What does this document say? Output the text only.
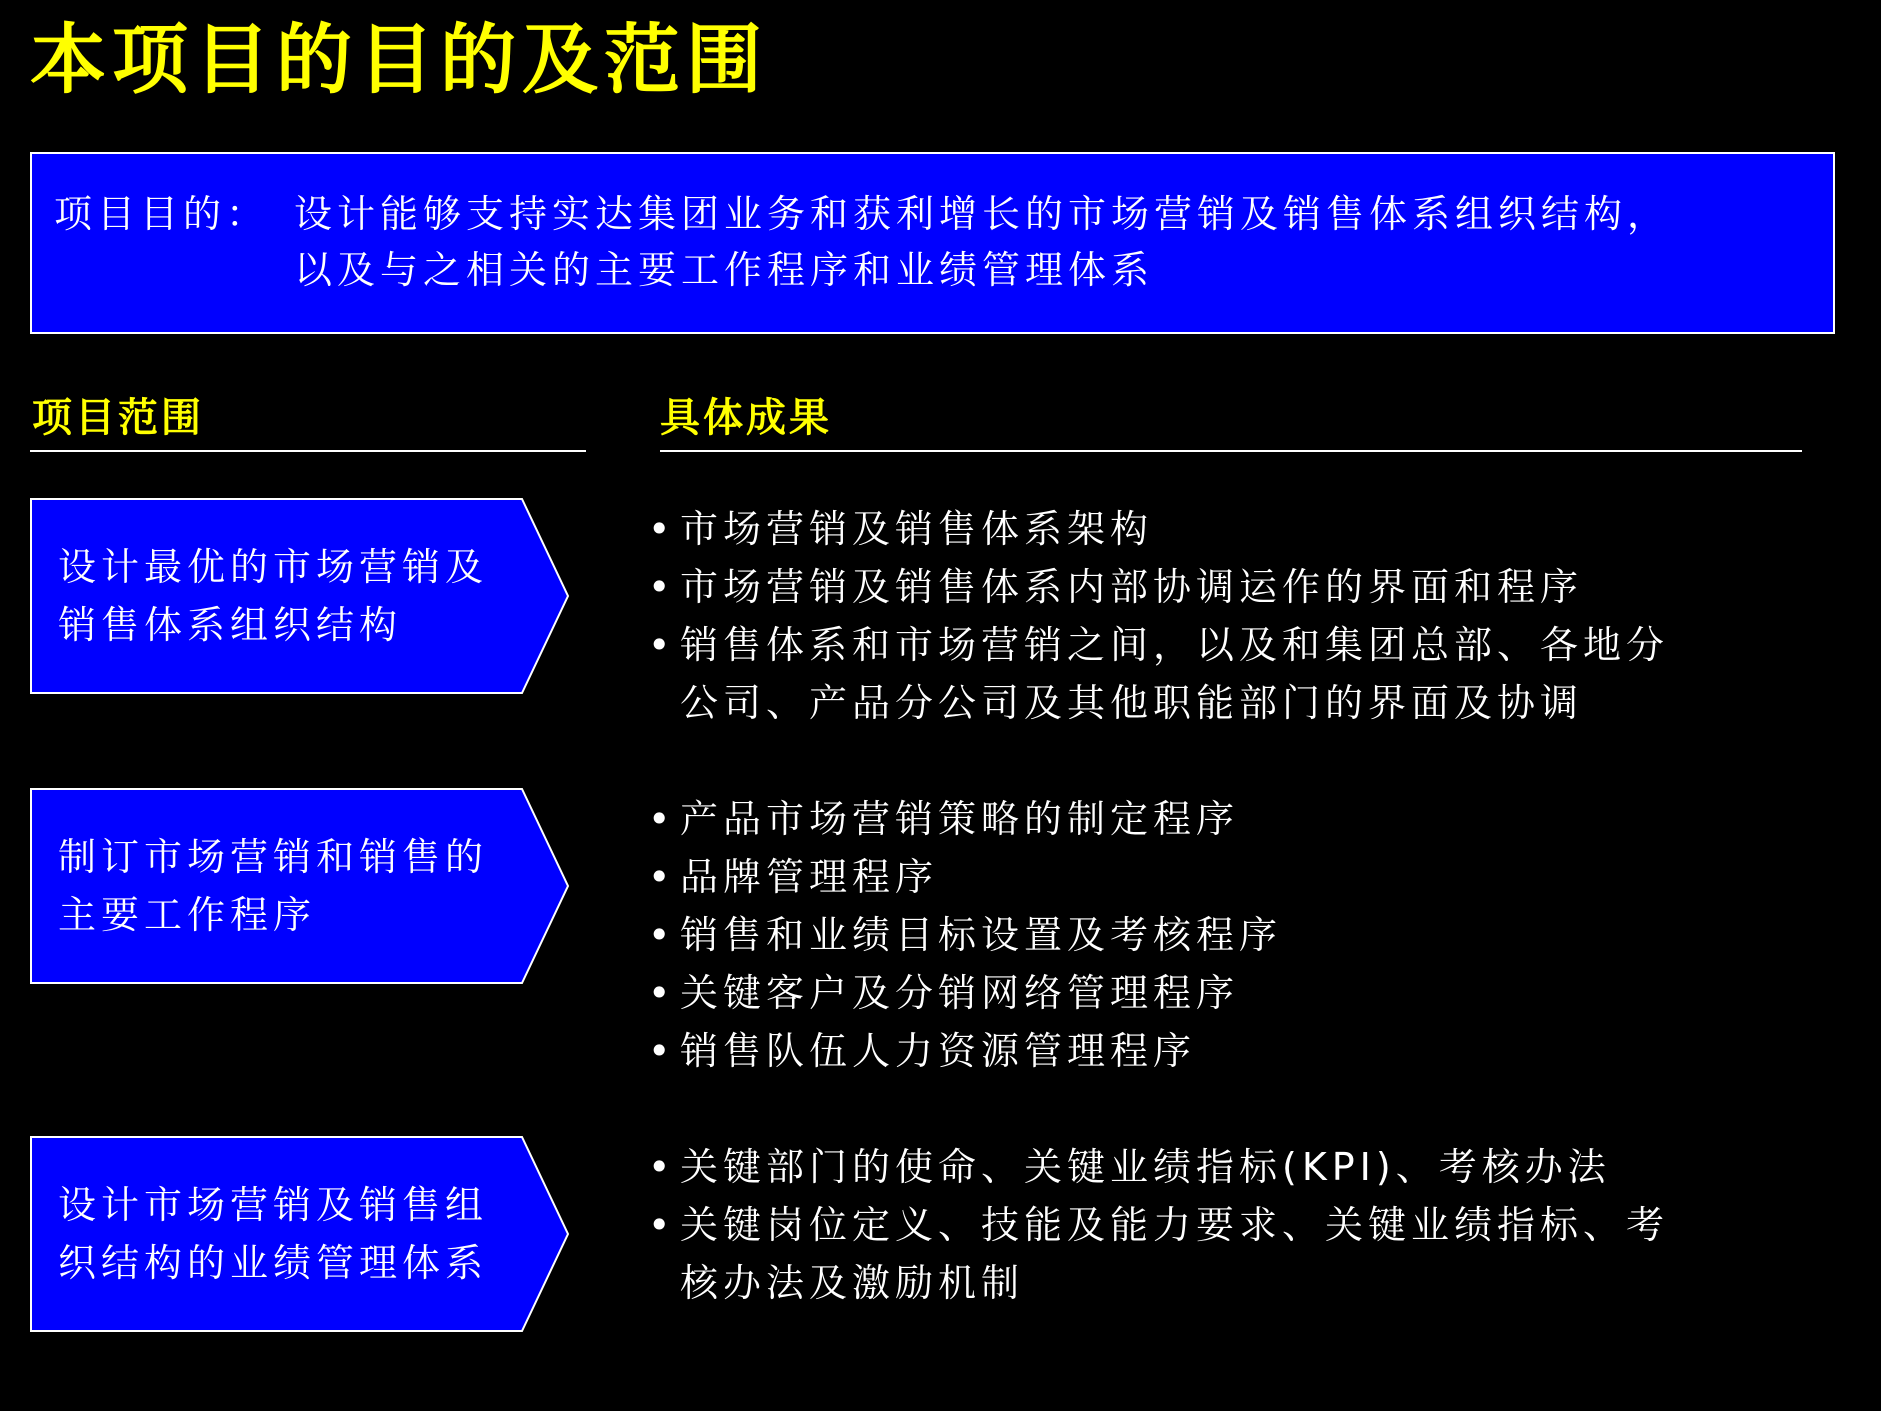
本项目的目的及范围
项目目的： 设计能够支持实达集团业务和获利增长的市场营销及销售体系组织结构，
以及与之相关的主要工作程序和业绩管理体系
项目范围	具体成果
设计最优的市场营销及
销售体系组织结构
• 市场营销及销售体系架构
• 市场营销及销售体系内部协调运作的界面和程序
• 销售体系和市场营销之间，以及和集团总部、各地分
公司、产品分公司及其他职能部门的界面及协调
制订市场营销和销售的
主要工作程序
• 产品市场营销策略的制定程序
• 品牌管理程序
• 销售和业绩目标设置及考核程序
• 关键客户及分销网络管理程序
• 销售队伍人力资源管理程序
设计市场营销及销售组
织结构的业绩管理体系
• 关键部门的使命、关键业绩指标(KPI)、考核办法
• 关键岗位定义、技能及能力要求、关键业绩指标、考
核办法及激励机制
